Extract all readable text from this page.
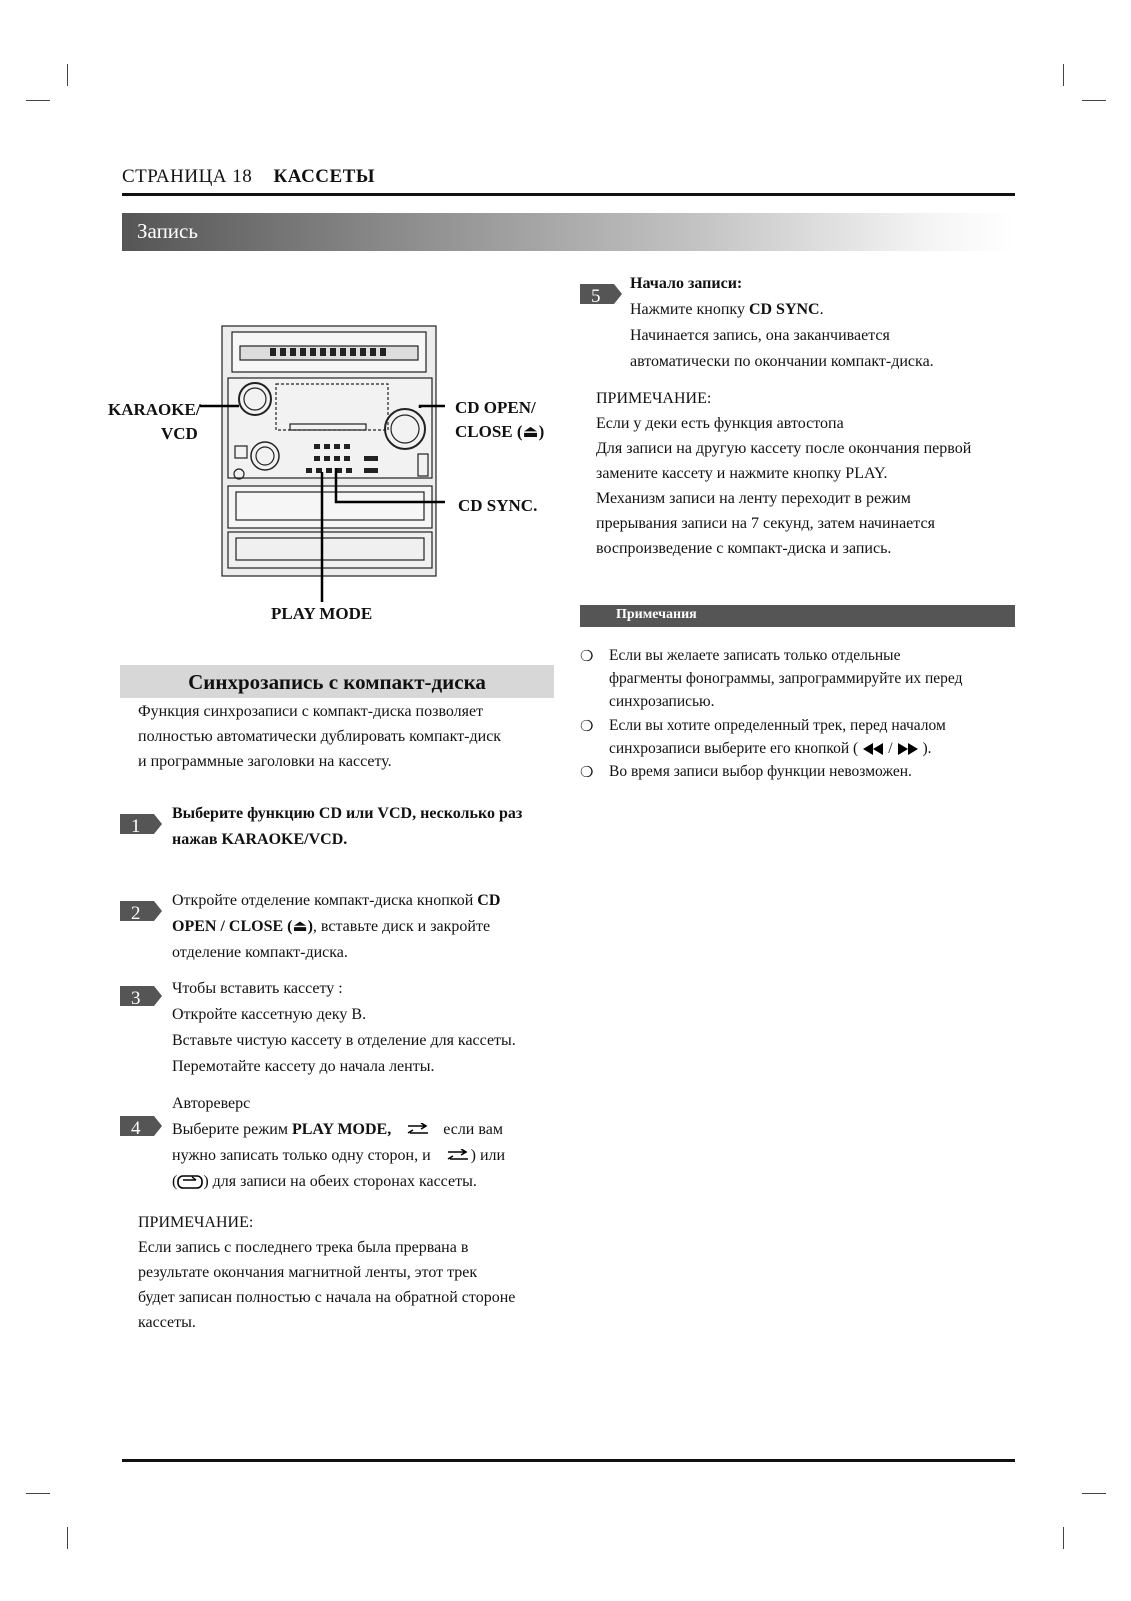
СТРАНИЦА 18 КАССЕТЫ
Запись
KARAOKE/
VCD
CD OPEN/
CLOSE (⏏)
CD SYNC.
PLAY MODE
Синхрозапись с компакт-диска
Функция синхрозаписи с компакт-диска позволяет
полностью автоматически дублировать компакт-диск
и программные заголовки на кассету.
1
2
3
4
5
Выберите функцию CD или VCD, несколько раз
нажав KARAOKE/VCD.
Откройте отделение компакт-диска кнопкой CD
OPEN / CLOSE (⏏), вставьте диск и закройте
отделение компакт-диска.
Чтобы вставить кассету :
Откройте кассетную деку B.
Вставьте чистую кассету в отделение для кассеты.
Перемотайте кассету до начала ленты.
Автореверс
Выберите режим PLAY MODE,	если вам
нужно записать только одну сторон, и	) или
( ) для записи на обеих сторонах кассеты.
ПРИМЕЧАНИЕ:
Если запись с последнего трека была прервана в
результате окончания магнитной ленты, этот трек
будет записан полностью с начала на обратной стороне
кассеты.
Начало записи:
Нажмите кнопку CD SYNC.
Начинается запись, она заканчивается
автоматически по окончании компакт-диска.
ПРИМЕЧАНИЕ:
Если у деки есть функция автостопа
Для записи на другую кассету после окончания первой
замените кассету и нажмите кнопку PLAY.
Механизм записи на ленту переходит в режим
прерывания записи на 7 секунд, затем начинается
воспроизведение с компакт-диска и запись.
Примечания
❍ Если вы желаете записать только отдельные
фрагменты фонограммы, запрограммируйте их перед
синхрозаписью.
❍ Если вы хотите определенный трек, перед началом
синхрозаписи выберите его кнопкой ( / ).
❍ Во время записи выбор функции невозможен.
